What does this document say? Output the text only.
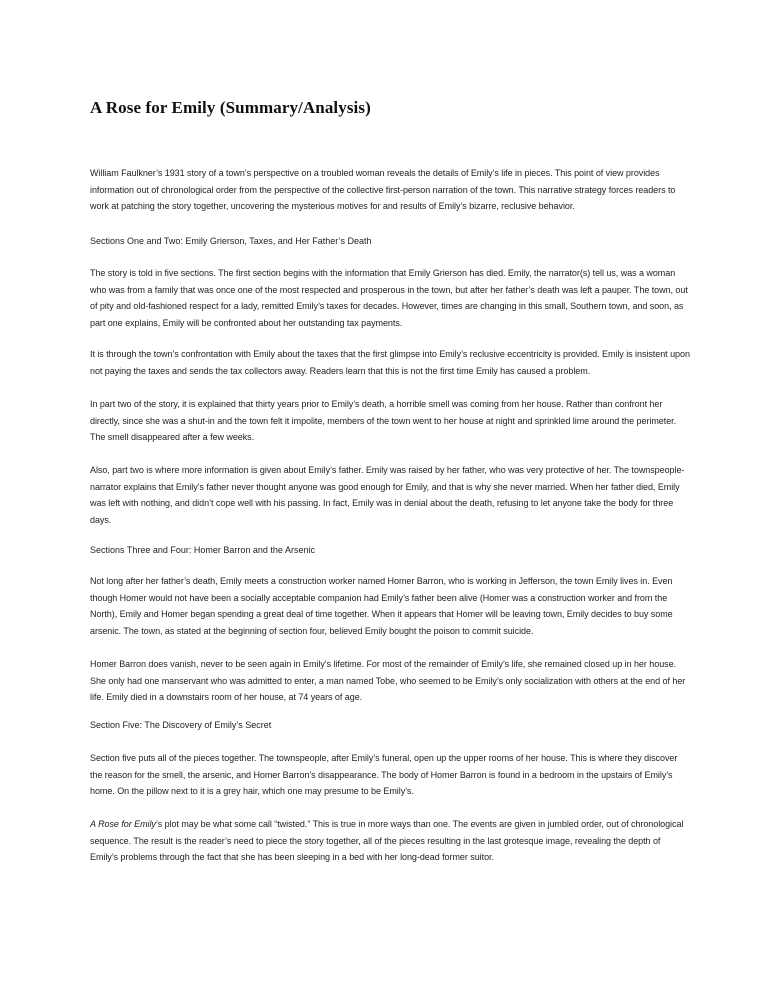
A Rose for Emily (Summary/Analysis)

William Faulkner’s 1931 story of a town’s perspective on a troubled woman reveals the details of Emily’s life in pieces. This point of view provides information out of chronological order from the perspective of the collective first-person narration of the town. This narrative strategy forces readers to work at patching the story together, uncovering the mysterious motives for and results of Emily’s bizarre, reclusive behavior.

Sections One and Two: Emily Grierson, Taxes, and Her Father’s Death

The story is told in five sections. The first section begins with the information that Emily Grierson has died. Emily, the narrator(s) tell us, was a woman who was from a family that was once one of the most respected and prosperous in the town, but after her father’s death was left a pauper. The town, out of pity and old-fashioned respect for a lady, remitted Emily’s taxes for decades. However, times are changing in this small, Southern town, and soon, as part one explains, Emily will be confronted about her outstanding tax payments.

It is through the town’s confrontation with Emily about the taxes that the first glimpse into Emily’s reclusive eccentricity is provided. Emily is insistent upon not paying the taxes and sends the tax collectors away. Readers learn that this is not the first time Emily has caused a problem.

In part two of the story, it is explained that thirty years prior to Emily’s death, a horrible smell was coming from her house. Rather than confront her directly, since she was a shut-in and the town felt it impolite, members of the town went to her house at night and sprinkled lime around the perimeter. The smell disappeared after a few weeks.

Also, part two is where more information is given about Emily’s father. Emily was raised by her father, who was very protective of her. The townspeople-narrator explains that Emily’s father never thought anyone was good enough for Emily, and that is why she never married. When her father died, Emily was left with nothing, and didn’t cope well with his passing. In fact, Emily was in denial about the death, refusing to let anyone take the body for three days.

Sections Three and Four: Homer Barron and the Arsenic

Not long after her father’s death, Emily meets a construction worker named Homer Barron, who is working in Jefferson, the town Emily lives in. Even though Homer would not have been a socially acceptable companion had Emily’s father been alive (Homer was a construction worker and from the North), Emily and Homer began spending a great deal of time together. When it appears that Homer will be leaving town, Emily decides to buy some arsenic. The town, as stated at the beginning of section four, believed Emily bought the poison to commit suicide.

Homer Barron does vanish, never to be seen again in Emily’s lifetime. For most of the remainder of Emily’s life, she remained closed up in her house. She only had one manservant who was admitted to enter, a man named Tobe, who seemed to be Emily’s only socialization with others at the end of her life. Emily died in a downstairs room of her house, at 74 years of age.

Section Five: The Discovery of Emily’s Secret

Section five puts all of the pieces together. The townspeople, after Emily’s funeral, open up the upper rooms of her house. This is where they discover the reason for the smell, the arsenic, and Homer Barron’s disappearance. The body of Homer Barron is found in a bedroom in the upstairs of Emily’s home. On the pillow next to it is a grey hair, which one may presume to be Emily’s.

A Rose for Emily’s plot may be what some call “twisted.” This is true in more ways than one. The events are given in jumbled order, out of chronological sequence. The result is the reader’s need to piece the story together, all of the pieces resulting in the last grotesque image, revealing the depth of Emily’s problems through the fact that she has been sleeping in a bed with her long-dead former suitor.
